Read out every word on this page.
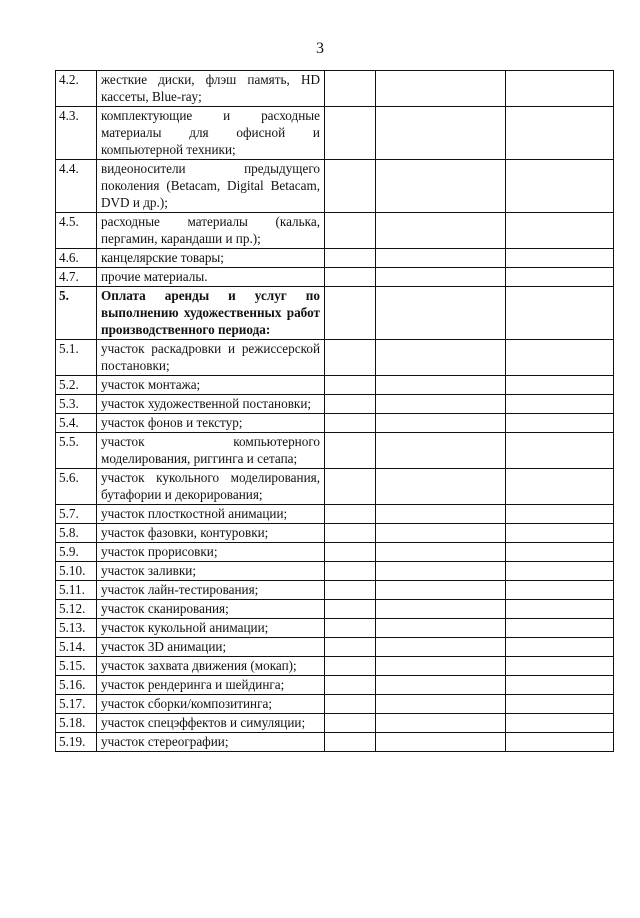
3
4.2.	жесткие диски, флэш память, HD кассеты, Blue-ray;			
4.3.	комплектующие и расходные материалы для офисной и компьютерной техники;			
4.4.	видеоносители предыдущего поколения (Betacam, Digital Betacam, DVD и др.);			
4.5.	расходные материалы (калька, пергамин, карандаши и пр.);			
4.6.	канцелярские товары;			
4.7.	прочие материалы.			
5.	Оплата аренды и услуг по выполнению художественных работ производственного периода:			
5.1.	участок раскадровки и режиссерской постановки;			
5.2.	участок монтажа;			
5.3.	участок художественной постановки;			
5.4.	участок фонов и текстур;			
5.5.	участок компьютерного моделирования, риггинга и сетапа;			
5.6.	участок кукольного моделирования, бутафории и декорирования;			
5.7.	участок плосткостной анимации;			
5.8.	участок фазовки, контуровки;			
5.9.	участок прорисовки;			
5.10.	участок заливки;			
5.11.	участок лайн-тестирования;			
5.12.	участок сканирования;			
5.13.	участок кукольной анимации;			
5.14.	участок 3D анимации;			
5.15.	участок захвата движения (мокап);			
5.16.	участок рендеринга и шейдинга;			
5.17.	участок сборки/композитинга;			
5.18.	участок спецэффектов и симуляции;			
5.19.	участок стереографии;			
